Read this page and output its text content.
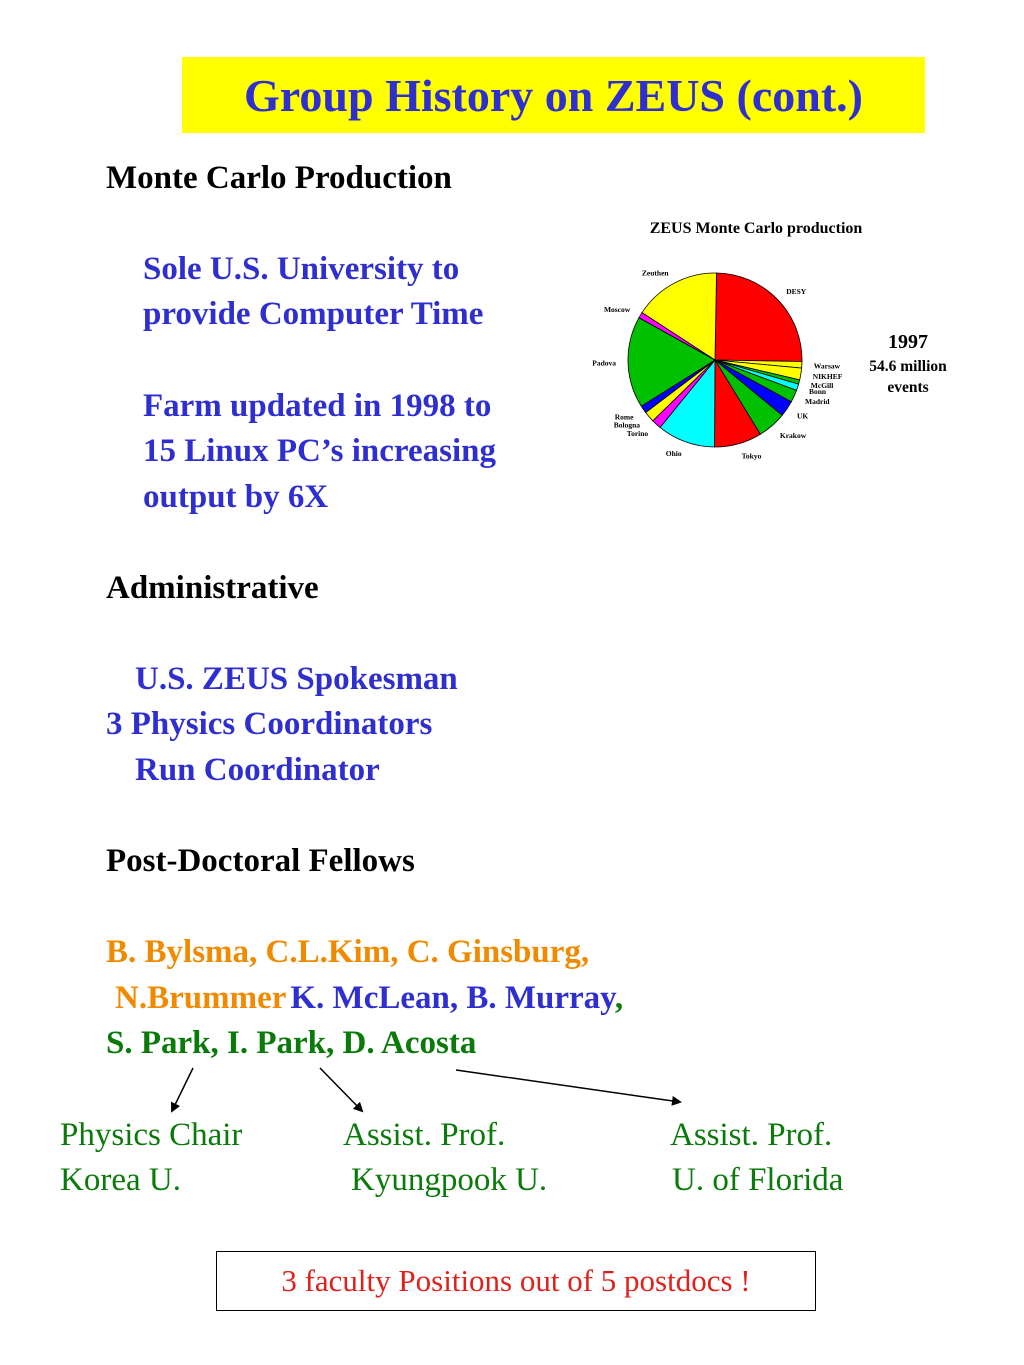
Group History on ZEUS (cont.)
Monte Carlo Production
Sole U.S. University to
provide Computer Time
Farm updated in 1998 to
15 Linux PC’s increasing
output by 6X
ZEUS Monte Carlo production
DESY
Warsaw
NIKHEF
McGill
Bonn
Madrid
UK
Krakow
Tokyo
Ohio
Torino
Bologna
Rome
Padova
Moscow
Zeuthen
1997
54.6 million
events
Administrative
U.S. ZEUS Spokesman
3 Physics Coordinators
Run Coordinator
Post-Doctoral Fellows
B. Bylsma, C.L.Kim, C. Ginsburg,
N.Brummer K. McLean, B. Murray,
S. Park, I. Park, D. Acosta
Physics Chair
Korea U.
Assist. Prof.
Kyungpook U.
Assist. Prof.
U. of Florida
3 faculty Positions out of 5 postdocs !
